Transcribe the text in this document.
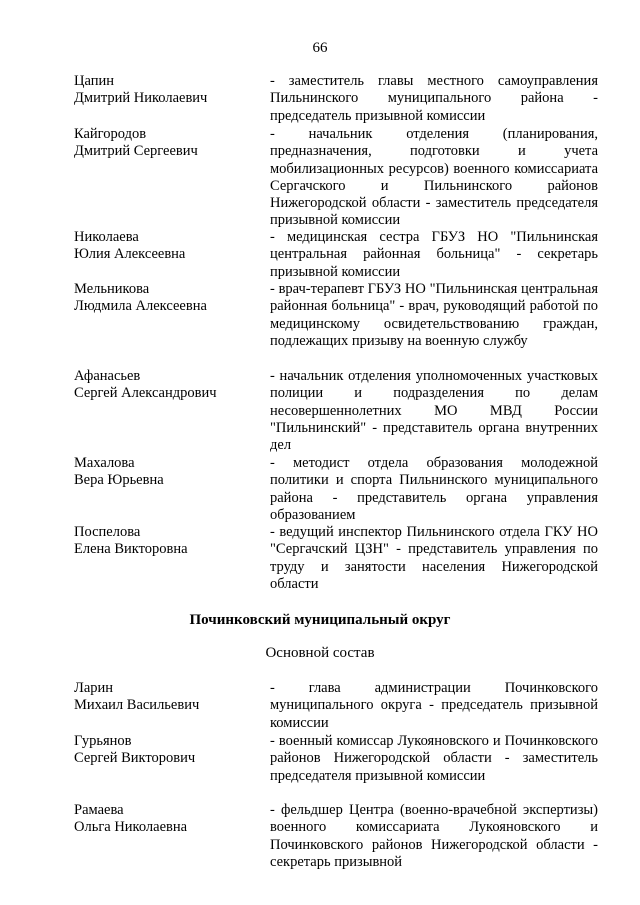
66
Цапин
Дмитрий Николаевич
- заместитель главы местного самоуправления Пильнинского муниципального района - председатель призывной комиссии
Кайгородов
Дмитрий Сергеевич
- начальник отделения (планирования, предназначения, подготовки и учета мобилизационных ресурсов) военного комиссариата Сергачского и Пильнинского районов Нижегородской области - заместитель председателя призывной комиссии
Николаева
Юлия Алексеевна
- медицинская сестра ГБУЗ НО "Пильнинская центральная районная больница" - секретарь призывной комиссии
Мельникова
Людмила Алексеевна
- врач-терапевт ГБУЗ НО "Пильнинская центральная районная больница" - врач, руководящий работой по медицинскому освидетельствованию граждан, подлежащих призыву на военную службу
Афанасьев
Сергей Александрович
- начальник отделения уполномоченных участковых полиции и подразделения по делам несовершеннолетних МО МВД России "Пильнинский" - представитель органа внутренних дел
Махалова
Вера Юрьевна
- методист отдела образования молодежной политики и спорта Пильнинского муниципального района - представитель органа управления образованием
Поспелова
Елена Викторовна
- ведущий инспектор Пильнинского отдела ГКУ НО "Сергачский ЦЗН" - представитель управления по труду и занятости населения Нижегородской области
Починковский муниципальный округ
Основной состав
Ларин
Михаил Васильевич
- глава администрации Починковского муниципального округа - председатель призывной комиссии
Гурьянов
Сергей Викторович
- военный комиссар Лукояновского и Починковского районов Нижегородской области - заместитель председателя призывной комиссии
Рамаева
Ольга Николаевна
- фельдшер Центра (военно-врачебной экспертизы) военного комиссариата Лукояновского и Починковского районов Нижегородской области - секретарь призывной
